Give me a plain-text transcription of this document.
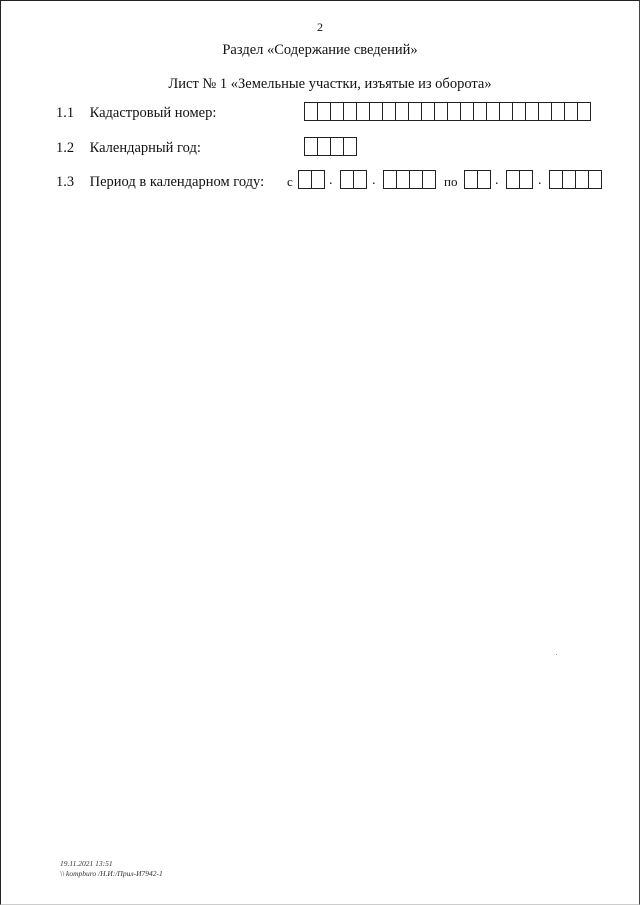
2
Раздел «Содержание сведений»
Лист № 1 «Земельные участки, изъятые из оборота»
1.1 Кадастровый номер:
1.2 Календарный год:
1.3 Период в календарном году: с	.	.	по	.	.
19.11.2021 13:51
\\ kompburo /Н.И:/Прил-И7942-1
